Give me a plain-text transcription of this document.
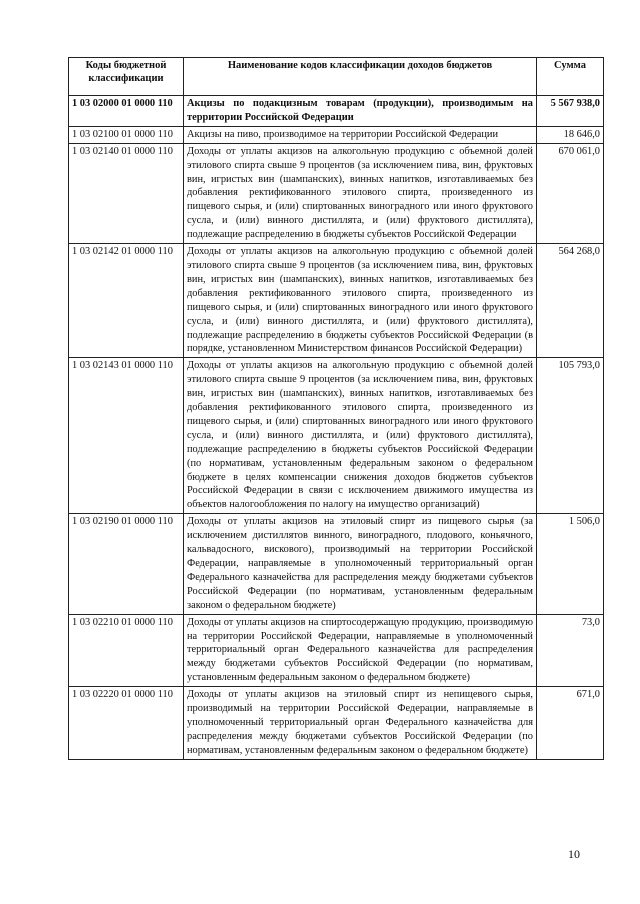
Коды бюджетной классификации	Наименование кодов классификации доходов бюджетов	Сумма
1 03 02000 01 0000 110	Акцизы по подакцизным товарам (продукции), производимым на территории Российской Федерации	5 567 938,0
1 03 02100 01 0000 110	Акцизы на пиво, производимое на территории Российской Федерации	18 646,0
1 03 02140 01 0000 110	Доходы от уплаты акцизов на алкогольную продукцию с объемной долей этилового спирта свыше 9 процентов (за исключением пива, вин, фруктовых вин, игристых вин (шампанских), винных напитков, изготавливаемых без добавления ректификованного этилового спирта, произведенного из пищевого сырья, и (или) спиртованных виноградного или иного фруктового сусла, и (или) винного дистиллята, и (или) фруктового дистиллята), подлежащие распределению в бюджеты субъектов Российской Федерации	670 061,0
1 03 02142 01 0000 110	Доходы от уплаты акцизов на алкогольную продукцию с объемной долей этилового спирта свыше 9 процентов (за исключением пива, вин, фруктовых вин, игристых вин (шампанских), винных напитков, изготавливаемых без добавления ректификованного этилового спирта, произведенного из пищевого сырья, и (или) спиртованных виноградного или иного фруктового сусла, и (или) винного дистиллята, и (или) фруктового дистиллята), подлежащие распределению в бюджеты субъектов Российской Федерации (в порядке, установленном Министерством финансов Российской Федерации)	564 268,0
1 03 02143 01 0000 110	Доходы от уплаты акцизов на алкогольную продукцию с объемной долей этилового спирта свыше 9 процентов (за исключением пива, вин, фруктовых вин, игристых вин (шампанских), винных напитков, изготавливаемых без добавления ректификованного этилового спирта, произведенного из пищевого сырья, и (или) спиртованных виноградного или иного фруктового сусла, и (или) винного дистиллята, и (или) фруктового дистиллята), подлежащие распределению в бюджеты субъектов Российской Федерации (по нормативам, установленным федеральным законом о федеральном бюджете в целях компенсации снижения доходов бюджетов субъектов Российской Федерации в связи с исключением движимого имущества из объектов налогообложения по налогу на имущество организаций)	105 793,0
1 03 02190 01 0000 110	Доходы от уплаты акцизов на этиловый спирт из пищевого сырья (за исключением дистиллятов винного, виноградного, плодового, коньячного, кальвадосного, вискового), производимый на территории Российской Федерации, направляемые в уполномоченный территориальный орган Федерального казначейства для распределения между бюджетами субъектов Российской Федерации (по нормативам, установленным федеральным законом о федеральном бюджете)	1 506,0
1 03 02210 01 0000 110	Доходы от уплаты акцизов на спиртосодержащую продукцию, производимую на территории Российской Федерации, направляемые в уполномоченный территориальный орган Федерального казначейства для распределения между бюджетами субъектов Российской Федерации (по нормативам, установленным федеральным законом о федеральном бюджете)	73,0
1 03 02220 01 0000 110	Доходы от уплаты акцизов на этиловый спирт из непищевого сырья, производимый на территории Российской Федерации, направляемые в уполномоченный территориальный орган Федерального казначейства для распределения между бюджетами субъектов Российской Федерации (по нормативам, установленным федеральным законом о федеральном бюджете)	671,0
10
